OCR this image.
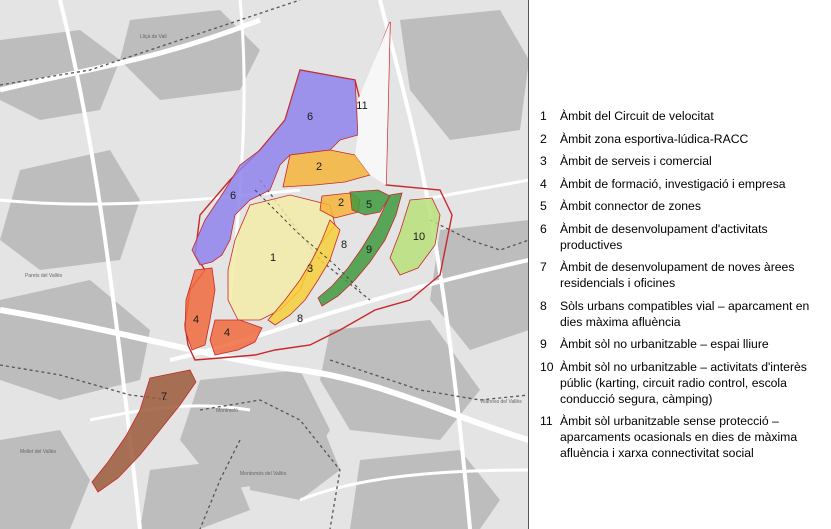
6
6
11
2
2 5
1
3
8 9
10
8
4
4
7
Lliçà de Vall
Parets del Vallès
Montmeló
Mollet del Vallès
Montornès del Vallès
Vilanova del Vallès
1	Àmbit del Circuit de velocitat
2	Àmbit zona esportiva-lúdica-RACC
3	Àmbit de serveis i comercial
4	Àmbit de formació, investigació i empresa
5	Àmbit connector de zones
6	Àmbit de desenvolupament d'activitats productives
7	Àmbit de desenvolupament de noves àrees residencials i oficines
8	Sòls urbans compatibles vial – aparcament en dies màxima afluència
9	Àmbit sòl no urbanitzable – espai lliure
10 Àmbit sòl no urbanitzable – activitats d'interès públic (karting, circuit radio control, escola conducció segura, càmping)
11 Àmbit sòl urbanitzable sense protecció – aparcaments ocasionals en dies de màxima afluència i xarxa connectivitat social
